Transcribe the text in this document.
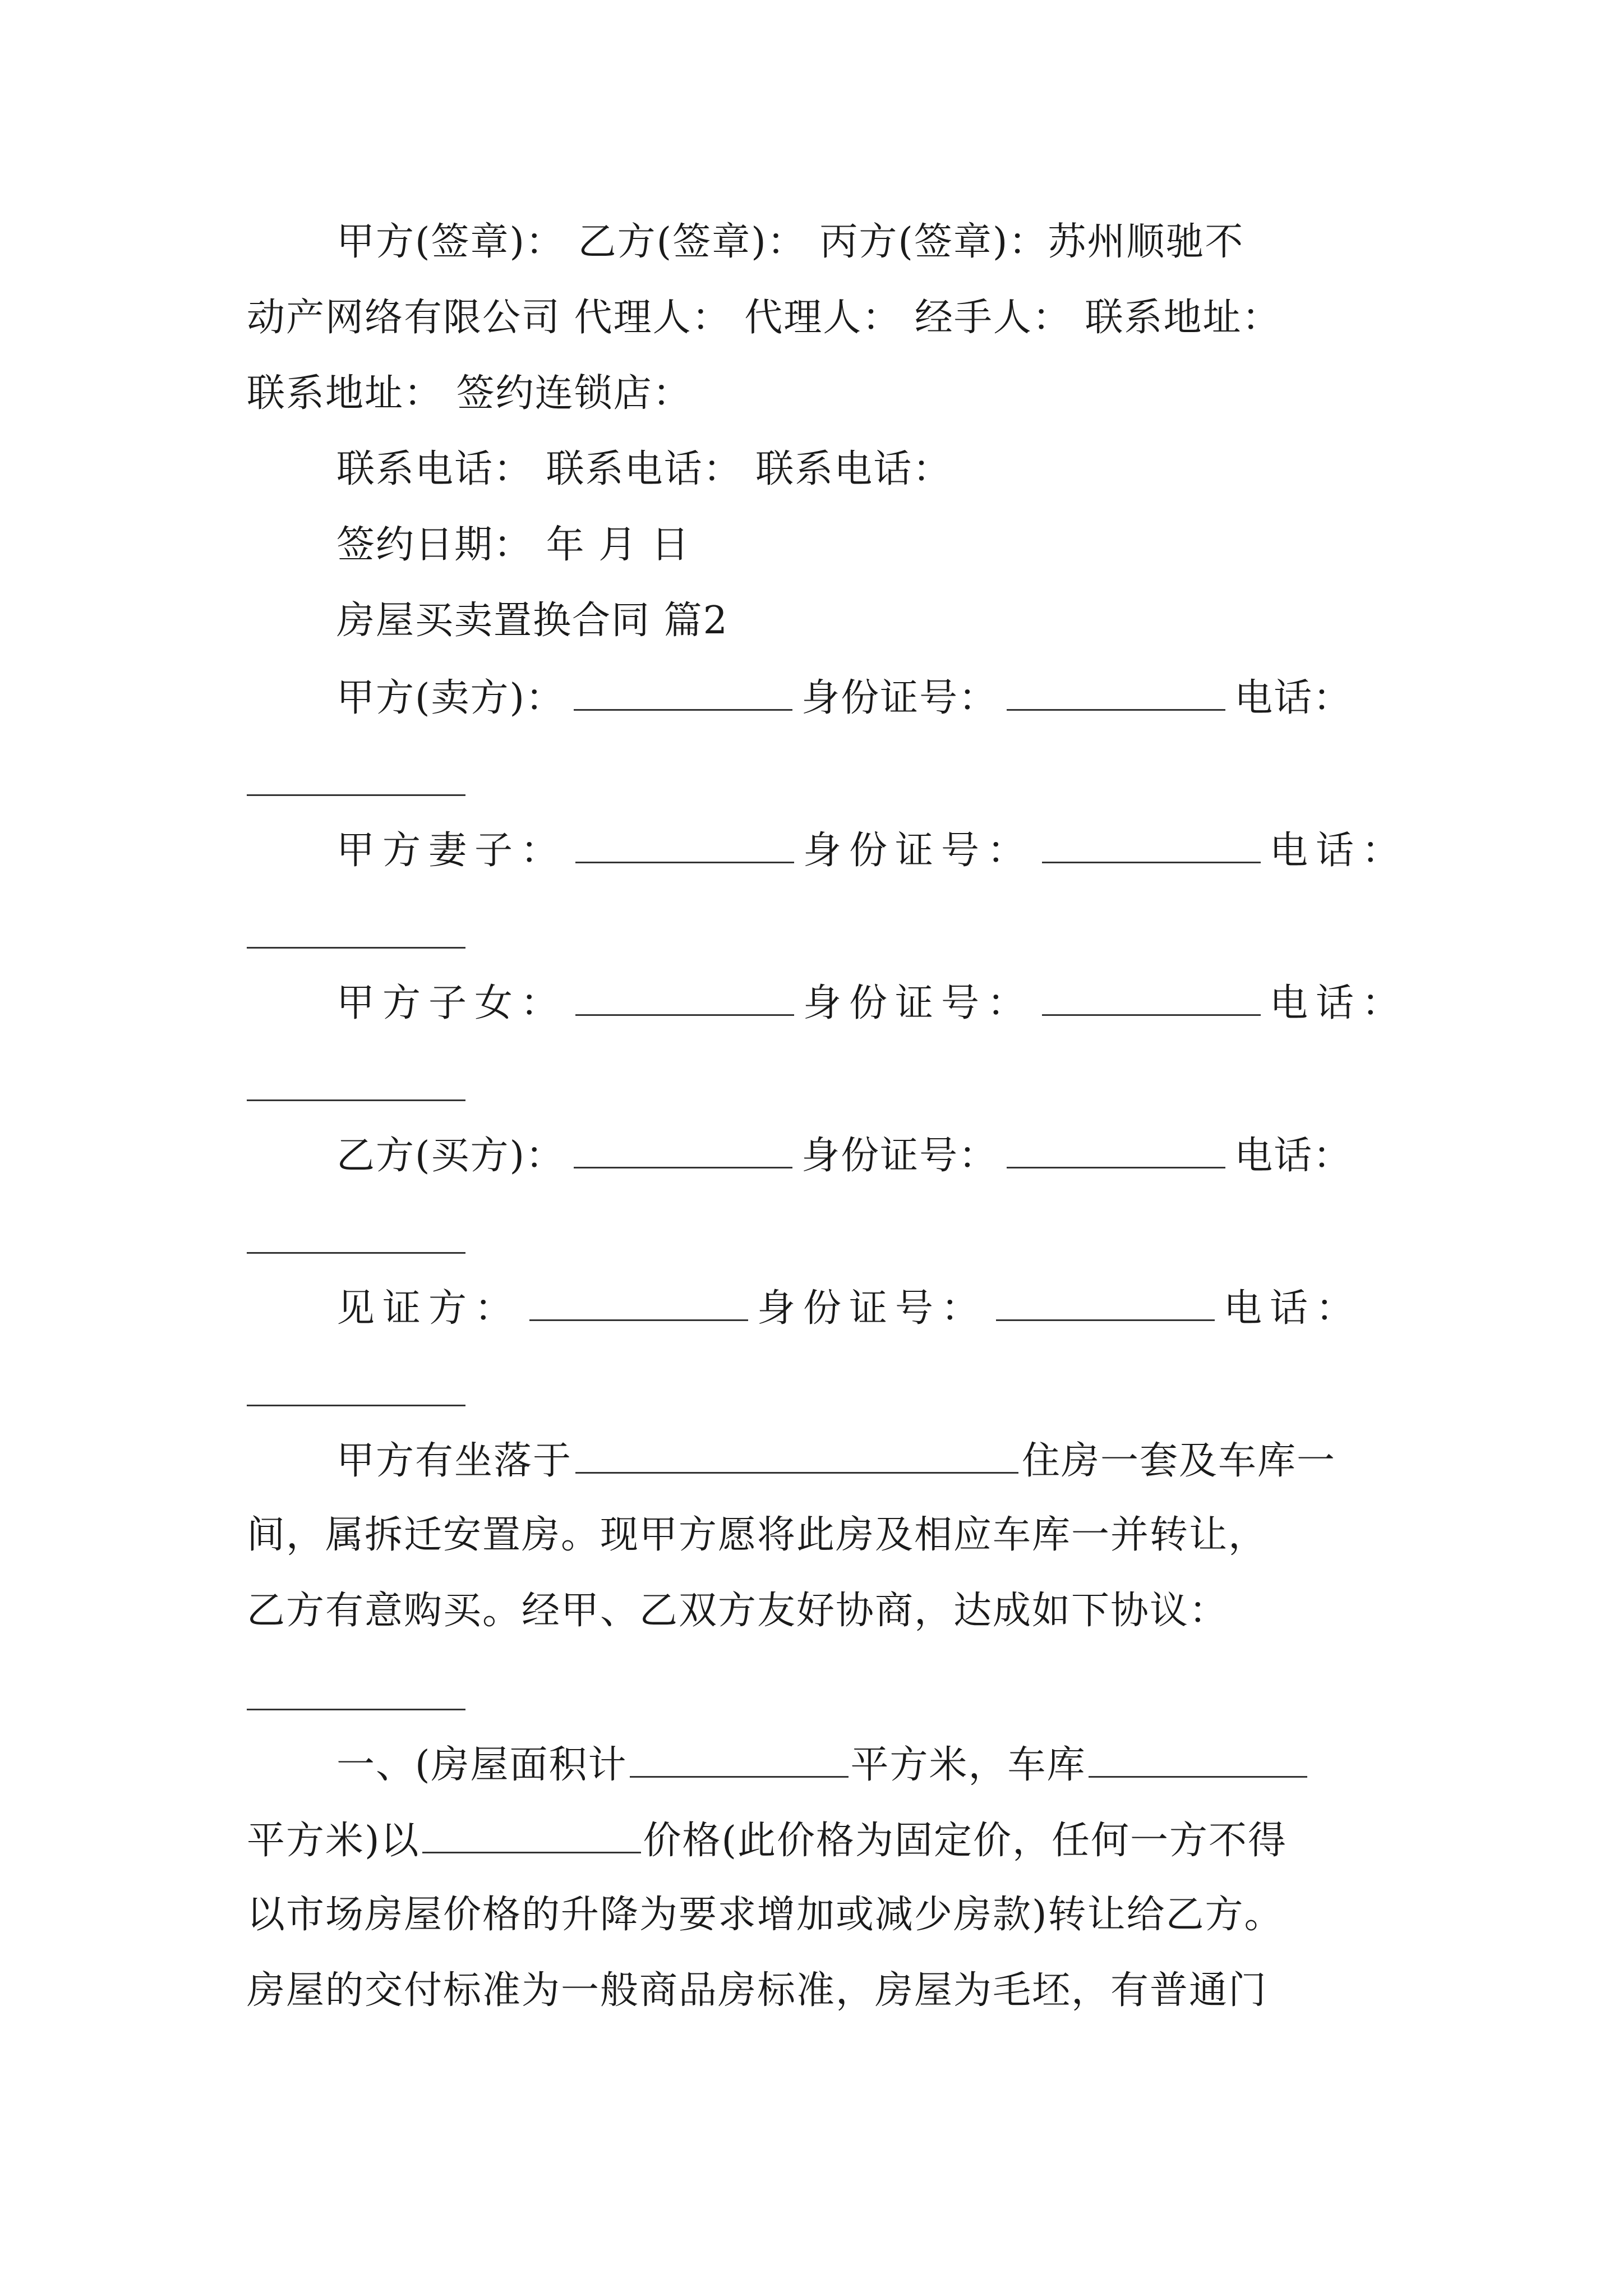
甲方(签章)： 乙方(签章)： 丙方(签章)：苏州顺驰不
动产网络有限公司 代理人： 代理人： 经手人： 联系地址：
联系地址： 签约连锁店：
联系电话： 联系电话： 联系电话：
签约日期： 年 月 日
房屋买卖置换合同 篇2
甲方(卖方)：	身份证号：	电话：
甲方妻子：	身份证号：	电话：
甲方子女：	身份证号：	电话：
乙方(买方)：	身份证号：	电话：
见证方：	身份证号：	电话：
甲方有坐落于	住房一套及车库一
间，属拆迁安置房。现甲方愿将此房及相应车库一并转让，
乙方有意购买。经甲、乙双方友好协商，达成如下协议：
一、(房屋面积计	平方米，车库
平方米)以	价格(此价格为固定价，任何一方不得
以市场房屋价格的升降为要求增加或减少房款)转让给乙方。
房屋的交付标准为一般商品房标准，房屋为毛坯，有普通门
